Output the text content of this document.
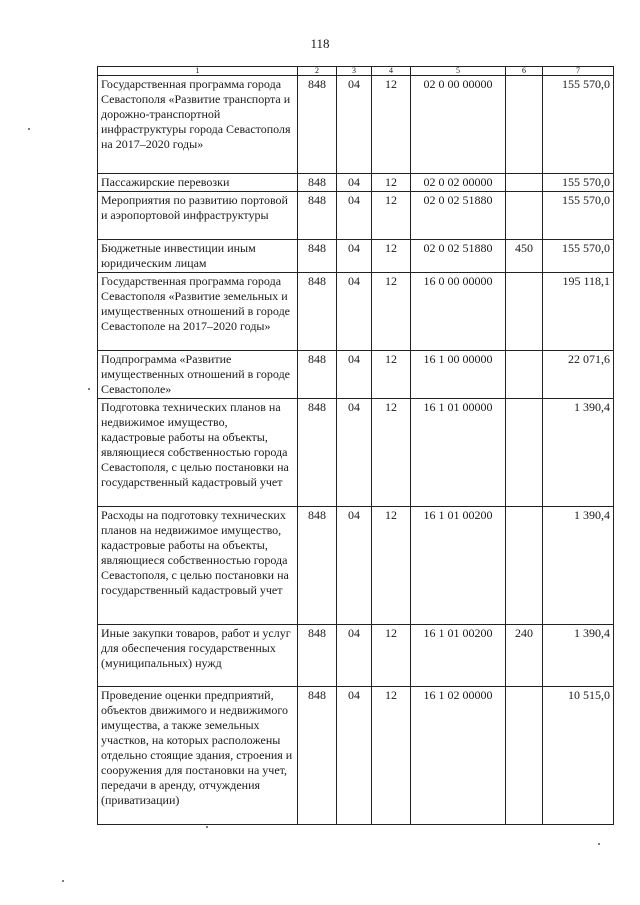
118
1	2	3	4	5	6	7
Государственная программа города Севастополя «Развитие транспорта и дорожно-транспортной инфраструктуры города Севастополя на 2017–2020 годы»	848	04	12	02 0 00 00000		155 570,0
Пассажирские перевозки	848	04	12	02 0 02 00000		155 570,0
Мероприятия по развитию портовой и аэропортовой инфраструктуры	848	04	12	02 0 02 51880		155 570,0
Бюджетные инвестиции иным юридическим лицам	848	04	12	02 0 02 51880	450	155 570,0
Государственная программа города Севастополя «Развитие земельных и имущественных отношений в городе Севастополе на 2017–2020 годы»	848	04	12	16 0 00 00000		195 118,1
Подпрограмма «Развитие имущественных отношений в городе Севастополе»	848	04	12	16 1 00 00000		22 071,6
Подготовка технических планов на недвижимое имущество, кадастровые работы на объекты, являющиеся собственностью города Севастополя, с целью постановки на государственный кадастровый учет	848	04	12	16 1 01 00000		1 390,4
Расходы на подготовку технических планов на недвижимое имущество, кадастровые работы на объекты, являющиеся собственностью города Севастополя, с целью постановки на государственный кадастровый учет	848	04	12	16 1 01 00200		1 390,4
Иные закупки товаров, работ и услуг для обеспечения государственных (муниципальных) нужд	848	04	12	16 1 01 00200	240	1 390,4
Проведение оценки предприятий, объектов движимого и недвижимого имущества, а также земельных участков, на которых расположены отдельно стоящие здания, строения и сооружения для постановки на учет, передачи в аренду, отчуждения (приватизации)	848	04	12	16 1 02 00000		10 515,0
